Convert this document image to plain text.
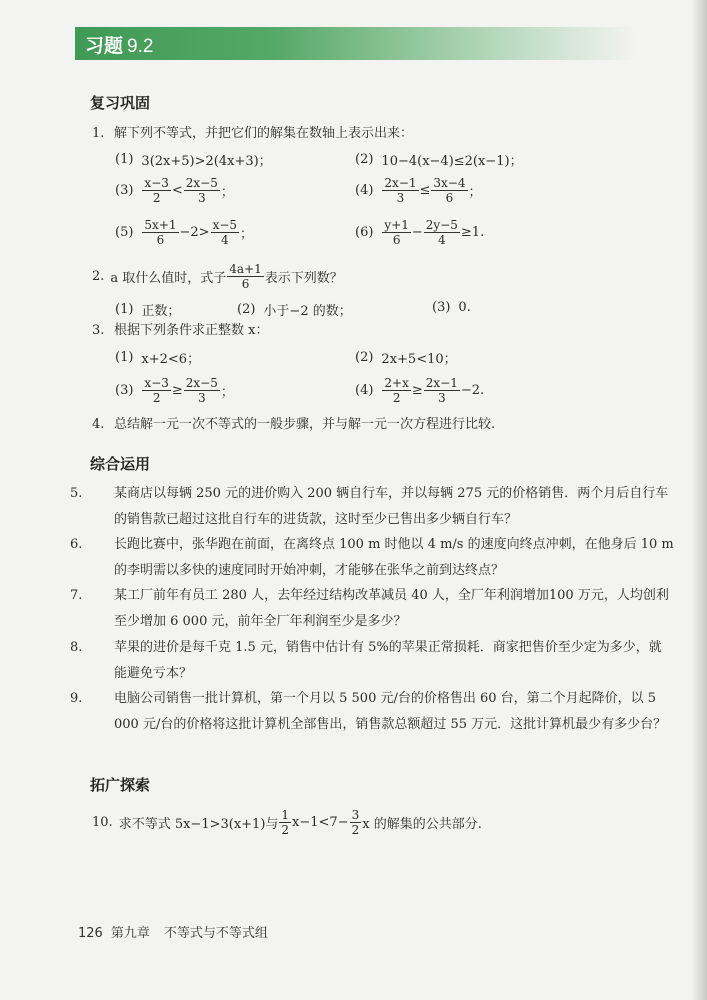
习题 9.2
复习巩固
1. 解下列不等式，并把它们的解集在数轴上表示出来：
(1) 3(2x+5)>2(4x+3)；	(2) 10−4(x−4)≤2(x−1)；
$(3) \frac{x-3}{2} < \frac{2x-5}{3}$ ；	$(4) \frac{2x-1}{3} \le \frac{3x-4}{6}$ ；
$(5) \frac{5x+1}{6} -2> \frac{x-5}{4}$ ；	$(6) \frac{y+1}{6} - \frac{2y-5}{4} \ge 1$.
2. a 取什么值时，式子 $\frac{4a+1}{6}$ 表示下列数？
(1) 正数；	(2) 小于−2 的数；	(3) 0.
3. 根据下列条件求正整数 x：
(1) x+2<6；	(2) 2x+5<10；
$(3) \frac{x-3}{2} \ge \frac{2x-5}{3}$ ；	$(4) \frac{2+x}{2} \ge \frac{2x-1}{3} -2$.
4. 总结解一元一次不等式的一般步骤，并与解一元一次方程进行比较.
综合运用
5. 某商店以每辆 250 元的进价购入 200 辆自行车，并以每辆 275 元的价格销售．两个月后自行车的销售款已超过这批自行车的进货款，这时至少已售出多少辆自行车？
6. 长跑比赛中，张华跑在前面，在离终点 100 m 时他以 4 m/s 的速度向终点冲刺，在他身后 10 m 的李明需以多快的速度同时开始冲刺，才能够在张华之前到达终点？
7. 某工厂前年有员工 280 人，去年经过结构改革减员 40 人，全厂年利润增加100 万元，人均创利至少增加 6 000 元，前年全厂年利润至少是多少？
8. 苹果的进价是每千克 1.5 元，销售中估计有 5%的苹果正常损耗．商家把售价至少定为多少，就能避免亏本？
9. 电脑公司销售一批计算机，第一个月以 5 500 元/台的价格售出 60 台，第二个月起降价，以 5 000 元/台的价格将这批计算机全部售出，销售款总额超过 55 万元．这批计算机最少有多少台？
拓广探索
10. 求不等式 5x−1>3(x+1)与 $\frac{1}{2} x-1<7- \frac{3}{2}$ x 的解集的公共部分.
126 第九章 不等式与不等式组
